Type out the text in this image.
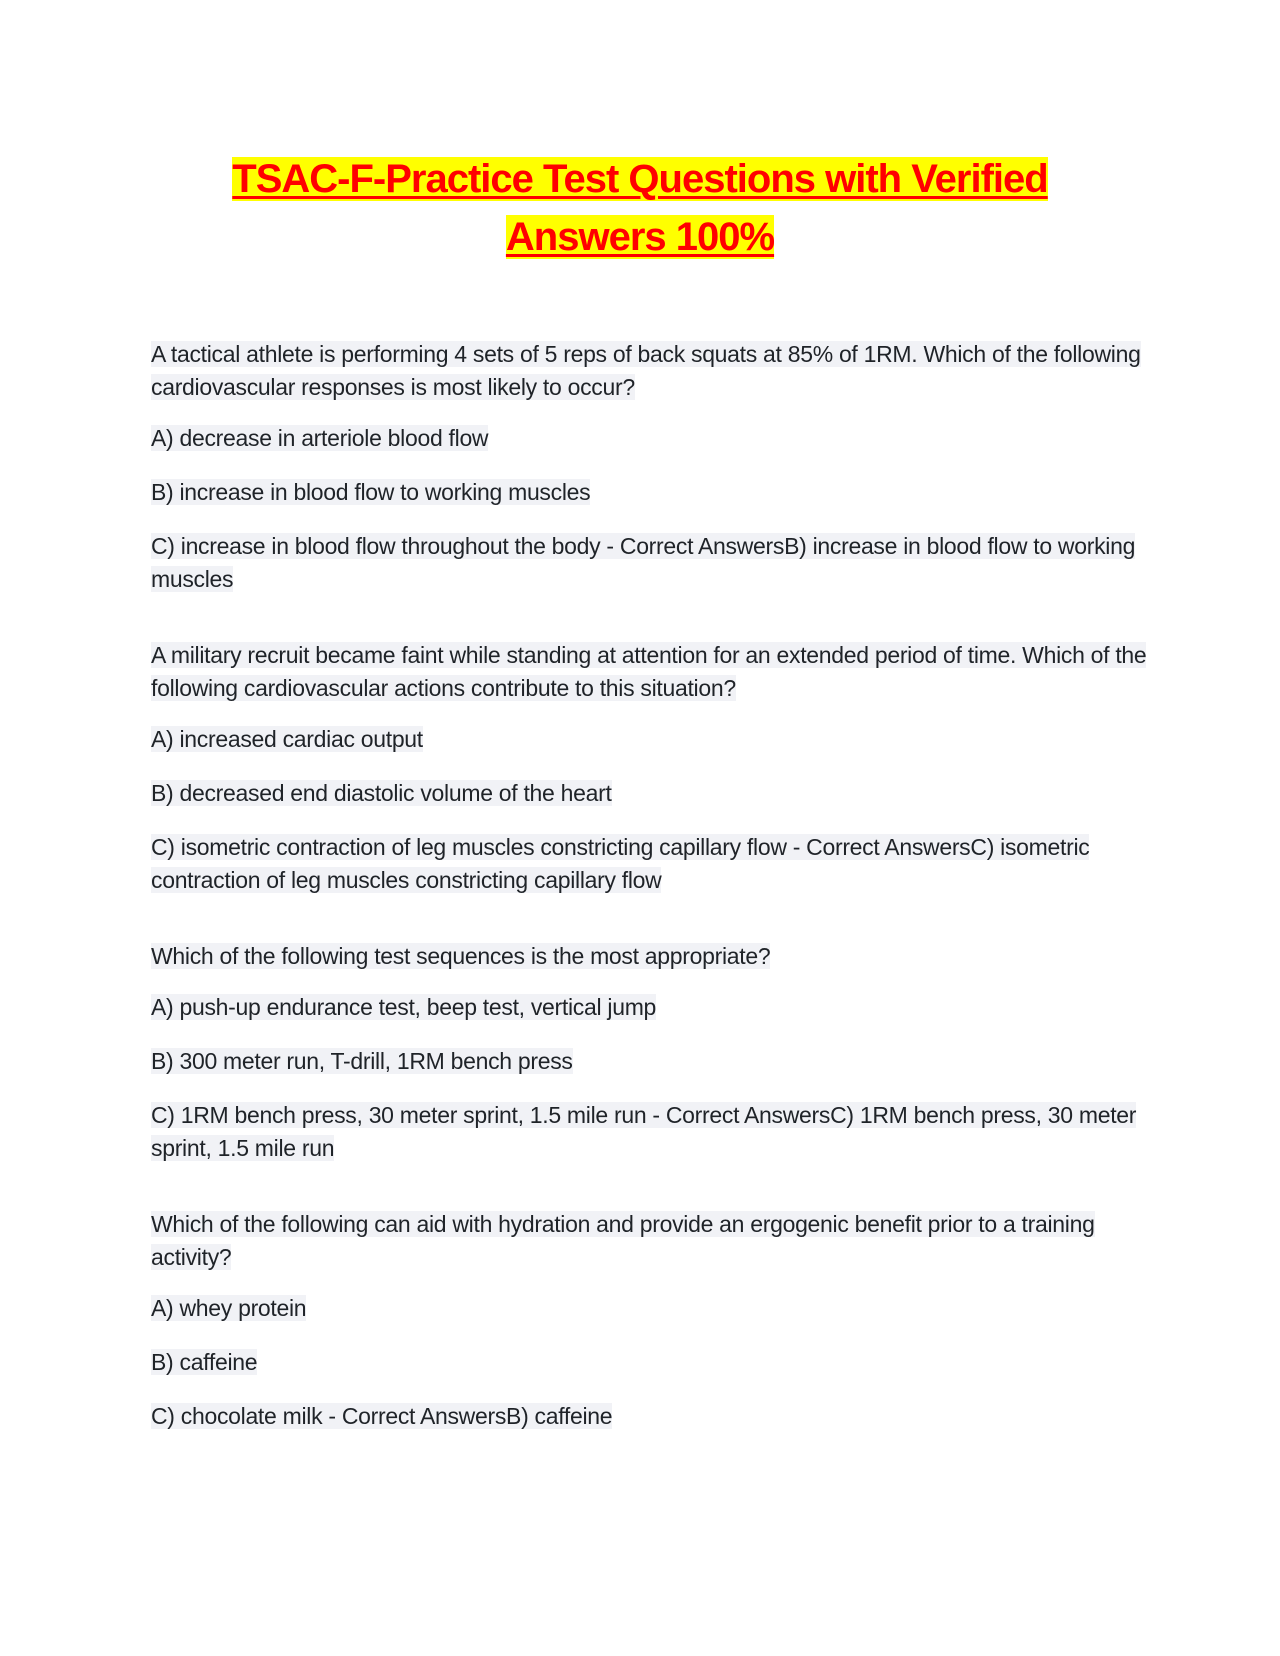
TSAC-F-Practice Test Questions with Verified
Answers 100%

A tactical athlete is performing 4 sets of 5 reps of back squats at 85% of 1RM. Which of the following cardiovascular responses is most likely to occur?

A) decrease in arteriole blood flow

B) increase in blood flow to working muscles

C) increase in blood flow throughout the body - Correct AnswersB) increase in blood flow to working muscles

A military recruit became faint while standing at attention for an extended period of time. Which of the following cardiovascular actions contribute to this situation?

A) increased cardiac output

B) decreased end diastolic volume of the heart

C) isometric contraction of leg muscles constricting capillary flow - Correct AnswersC) isometric contraction of leg muscles constricting capillary flow

Which of the following test sequences is the most appropriate?

A) push-up endurance test, beep test, vertical jump

B) 300 meter run, T-drill, 1RM bench press

C) 1RM bench press, 30 meter sprint, 1.5 mile run - Correct AnswersC) 1RM bench press, 30 meter sprint, 1.5 mile run

Which of the following can aid with hydration and provide an ergogenic benefit prior to a training activity?

A) whey protein

B) caffeine

C) chocolate milk - Correct AnswersB) caffeine
